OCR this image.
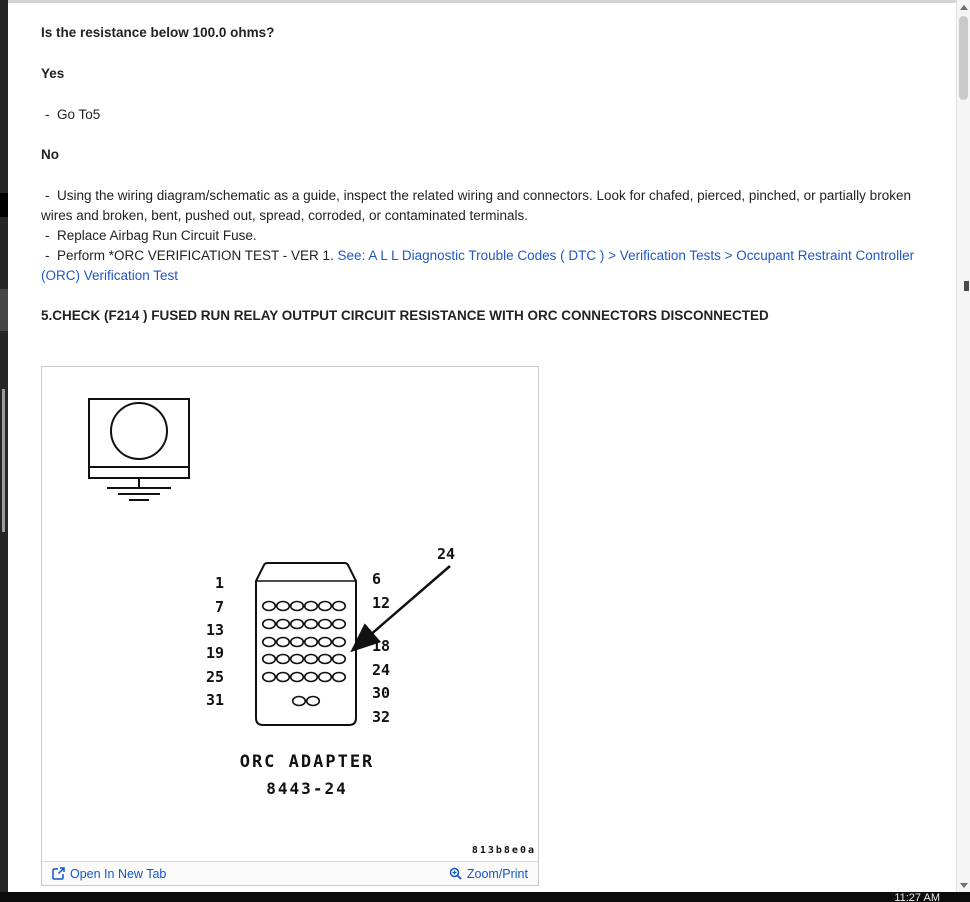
Is the resistance below 100.0 ohms?

Yes

-  Go To5

No

-  Using the wiring diagram/schematic as a guide, inspect the related wiring and connectors. Look for chafed, pierced, pinched, or partially broken wires and broken, bent, pushed out, spread, corroded, or contaminated terminals.

-  Replace Airbag Run Circuit Fuse.

-  Perform *ORC VERIFICATION TEST - VER 1. See: A L L Diagnostic Trouble Codes ( DTC ) > Verification Tests > Occupant Restraint Controller (ORC) Verification Test

5.CHECK (F214 ) FUSED RUN RELAY OUTPUT CIRCUIT RESISTANCE WITH ORC CONNECTORS DISCONNECTED

1
7
13
19
25
31
6
12
18
24
30
32
24
ORC ADAPTER
8443-24
813b8e0a
Open In New Tab	Zoom/Print
11:27 AM
